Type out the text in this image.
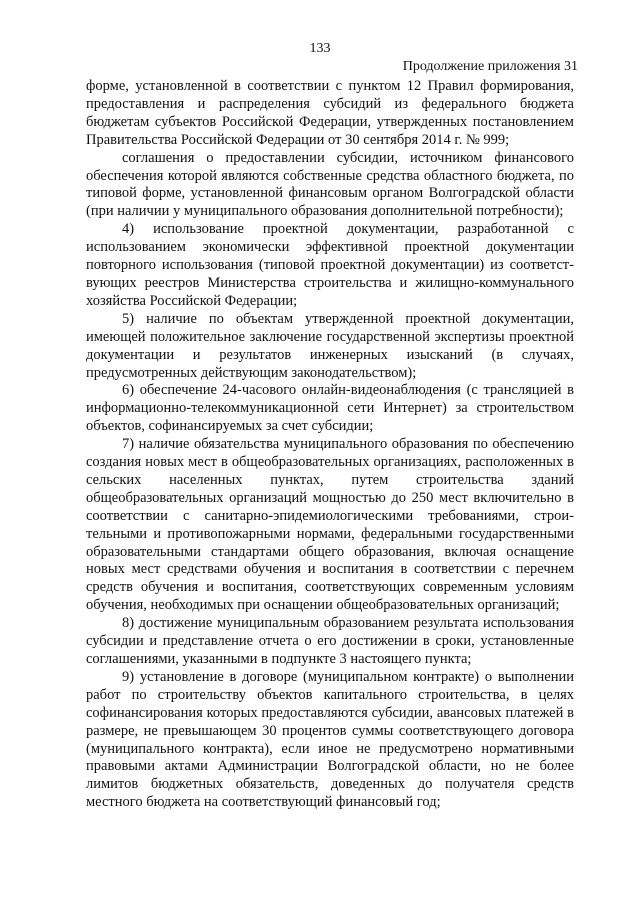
133
Продолжение приложения 31

форме, установленной в соответствии с пунктом 12 Правил формирования, предоставления и распределения субсидий из федерального бюджета бюджетам субъектов Российской Федерации, утвержденных постановлением Правительства Российской Федерации от 30 сентября 2014 г. № 999;

соглашения о предоставлении субсидии, источником финансового обеспечения которой являются собственные средства областного бюджета, по типовой форме, установленной финансовым органом Волгоградской области (при наличии у муниципального образования дополнительной потребности);

4) использование проектной документации, разработанной с использованием экономически эффективной проектной документации повторного использования (типовой проектной документации) из соответствующих реестров Министерства строительства и жилищно-коммунального хозяйства Российской Федерации;

5) наличие по объектам утвержденной проектной документации, имеющей положительное заключение государственной экспертизы проектной документации и результатов инженерных изысканий (в случаях, предусмотренных действующим законодательством);

6) обеспечение 24-часового онлайн-видеонаблюдения (с трансляцией в информационно-телекоммуникационной сети Интернет) за строительством объектов, софинансируемых за счет субсидии;

7) наличие обязательства муниципального образования по обеспечению создания новых мест в общеобразовательных организациях, расположенных в сельских населенных пунктах, путем строительства зданий общеобразовательных организаций мощностью до 250 мест включительно в соответствии с санитарно-эпидемиологическими требованиями, строительными и противопожарными нормами, федеральными государственными образовательными стандартами общего образования, включая оснащение новых мест средствами обучения и воспитания в соответствии с перечнем средств обучения и воспитания, соответствующих современным условиям обучения, необходимых при оснащении общеобразовательных организаций;

8) достижение муниципальным образованием результата использования субсидии и представление отчета о его достижении в сроки, установленные соглашениями, указанными в подпункте 3 настоящего пункта;

9) установление в договоре (муниципальном контракте) о выполнении работ по строительству объектов капитального строительства, в целях софинансирования которых предоставляются субсидии, авансовых платежей в размере, не превышающем 30 процентов суммы соответствующего договора (муниципального контракта), если иное не предусмотрено нормативными правовыми актами Администрации Волгоградской области, но не более лимитов бюджетных обязательств, доведенных до получателя средств местного бюджета на соответствующий финансовый год;
